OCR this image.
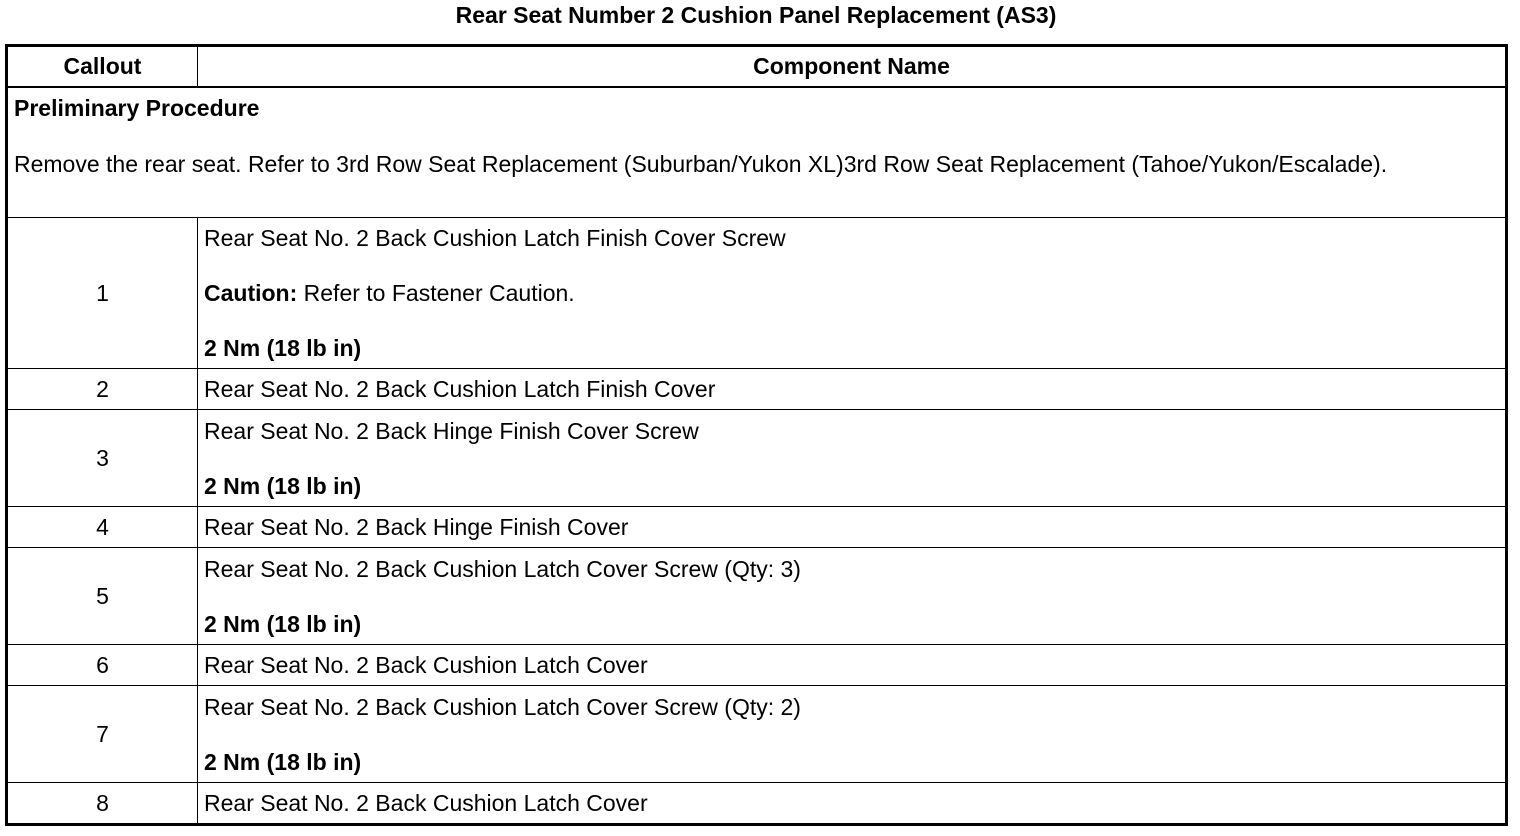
Rear Seat Number 2 Cushion Panel Replacement (AS3)
Callout	Component Name

Preliminary Procedure
Remove the rear seat. Refer to 3rd Row Seat Replacement (Suburban/Yukon XL)3rd Row Seat Replacement (Tahoe/Yukon/Escalade).	

1	Rear Seat No. 2 Back Cushion Latch Finish Cover Screw
Caution: Refer to Fastener Caution.
2 Nm (18 lb in)

2	Rear Seat No. 2 Back Cushion Latch Finish Cover
3	Rear Seat No. 2 Back Hinge Finish Cover Screw
2 Nm (18 lb in)

4	Rear Seat No. 2 Back Hinge Finish Cover
5	Rear Seat No. 2 Back Cushion Latch Cover Screw (Qty: 3)
2 Nm (18 lb in)

6	Rear Seat No. 2 Back Cushion Latch Cover
7	Rear Seat No. 2 Back Cushion Latch Cover Screw (Qty: 2)
2 Nm (18 lb in)

8	Rear Seat No. 2 Back Cushion Latch Cover
